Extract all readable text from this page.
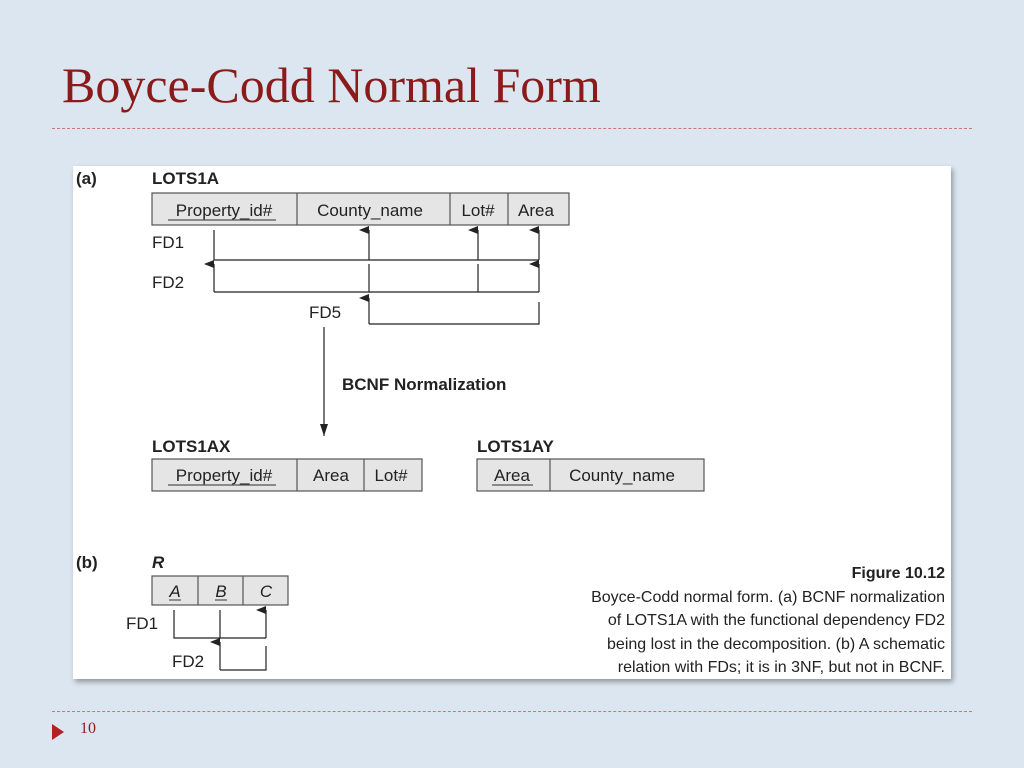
Boyce-Codd Normal Form
(a)	LOTS1A
Property_id#	County_name Lot# Area
FD1
FD2
FD5
BCNF Normalization
LOTS1AX
Property_id# Area Lot#
LOTS1AY
Area County_name
(b)	R
A B C
FD1
FD2
Figure 10.12
Boyce-Codd normal form. (a) BCNF normalization
of LOTS1A with the functional dependency FD2
being lost in the decomposition. (b) A schematic
relation with FDs; it is in 3NF, but not in BCNF.
10
